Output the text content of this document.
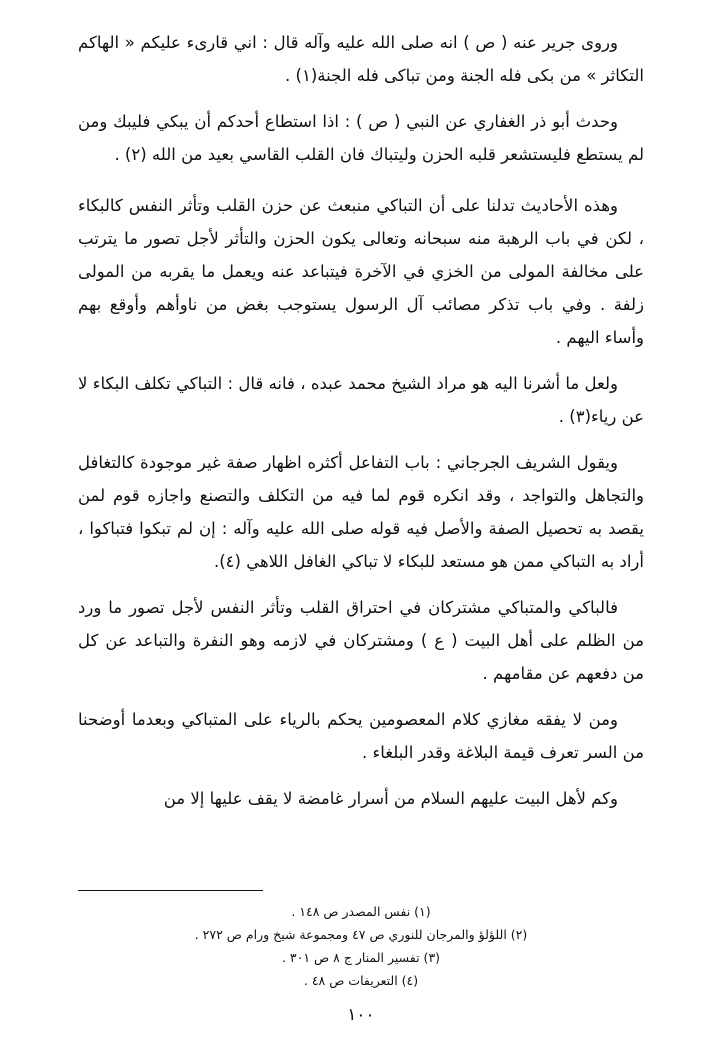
وروى جرير عنه ( ص ) انه صلى الله عليه وآله قال : اني قارىء عليكم « الهاكم التكاثر » من بكى فله الجنة ومن تباكى فله الجنة(١) .

وحدث أبو ذر الغفاري عن النبي ( ص ) : اذا استطاع أحدكم أن يبكي فليبك ومن لم يستطع فليستشعر قلبه الحزن وليتباك فان القلب القاسي بعيد من الله (٢) .

وهذه الأحاديث تدلنا على أن التباكي منبعث عن حزن القلب وتأثر النفس كالبكاء ، لكن في باب الرهبة منه سبحانه وتعالى يكون الحزن والتأثر لأجل تصور ما يترتب على مخالفة المولى من الخزي في الآخرة فيتباعد عنه ويعمل ما يقربه من المولى زلفة . وفي باب تذكر مصائب آل الرسول يستوجب بغض من ناوأهم وأوقع بهم وأساء اليهم .

ولعل ما أشرنا اليه هو مراد الشيخ محمد عبده ، فانه قال : التباكي تكلف البكاء لا عن رياء(٣) .

ويقول الشريف الجرجاني : باب التفاعل أكثره اظهار صفة غير موجودة كالتغافل والتجاهل والتواجد ، وقد انكره قوم لما فيه من التكلف والتصنع واجازه قوم لمن يقصد به تحصيل الصفة والأصل فيه قوله صلى الله عليه وآله : إن لم تبكوا فتباكوا ، أراد به التباكي ممن هو مستعد للبكاء لا تباكي الغافل اللاهي (٤).

فالباكي والمتباكي مشتركان في احتراق القلب وتأثر النفس لأجل تصور ما ورد من الظلم على أهل البيت ( ع ) ومشتركان في لازمه وهو النفرة والتباعد عن كل من دفعهم عن مقامهم .

ومن لا يفقه مغازي كلام المعصومين يحكم بالرياء على المتباكي وبعدما أوضحنا من السر تعرف قيمة البلاغة وقدر البلغاء .

وكم لأهل البيت عليهم السلام من أسرار غامضة لا يقف عليها إلا من

(١) نفس المصدر ص ١٤٨ .

(٢) اللؤلؤ والمرجان للنوري ص ٤٧ ومجموعة شيخ ورام ص ٢٧٢ .

(٣) تفسير المنار ج ٨ ص ٣٠١ .

(٤) التعريفات ص ٤٨ .

١٠٠
